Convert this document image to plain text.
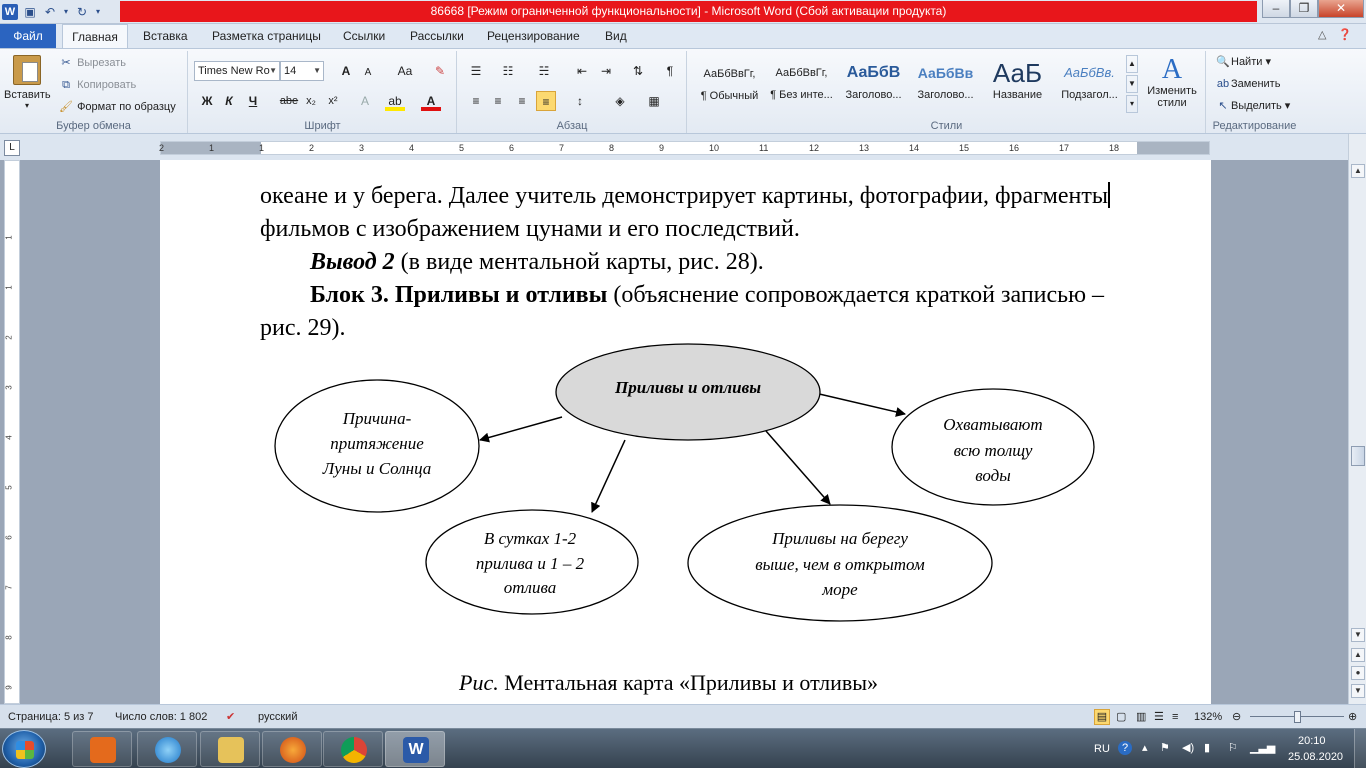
W ▣ ↶	▾ ↻	▾	86668 [Режим ограниченной функциональности] - Microsoft Word (Сбой активации продукта)	–	❐	✕
Файл	Главная	Вставка Разметка страницы Ссылки Рассылки Рецензирование Вид	△ ❓
Вставить
▾
✂ Вырезать
⧉ Копировать
🖌 Формат по образцу
Буфер обмена
Times New Ro ▼ 14 ▼	A	A	Aa	✎
Ж	К	Ч	abe x₂	x²	A	ab	A
Шрифт
☰	☷	☵	⇤	⇥	⇅	¶
≡	≡	≡	≡	↕	◈	▦
Абзац
АаБбВвГг,
¶ Обычный
АаБбВвГг,
¶ Без инте...
АаБбВ
Заголово...
АаБбВв
Заголово...
АаБ
Название
АаБбВв.
Подзагол...
▲
▼
▾
A
Изменить стили
Стили
🔍Найти ▾
ab Заменить
↖ Выделить ▾
Редактирование
L	2	1	1	2	3	4	5	6	7	8	9	10	11	12	13	14	15	16	17	18
1
1
2
3
4
5
6
7
8
9
океане и у берега. Далее учитель демонстрирует картины, фотографии, фрагменты
фильмов с изображением цунами и его последствий.
Вывод 2 (в виде ментальной карты, рис. 28).
Блок 3. Приливы и отливы (объяснение сопровождается краткой записью –
рис. 29).
Приливы и отливы
Причина-
притяжение
Луны и Солнца
Охватывают
всю толщу
воды
В сутках 1-2
прилива и 1 – 2
отлива
Приливы на берегу
выше, чем в открытом
море
Рис. Ментальная карта «Приливы и отливы»
▲
▼
▲
●
▼
Страница: 5 из 7 Число слов: 1 802 ✔ русский	▤ ▢ ▥ ☰ ≡ 132% ⊖	⊕
W	RU	?	▴ ⚑ ◀) ▮ ⚐ ▁▃▅
20:10
25.08.2020
